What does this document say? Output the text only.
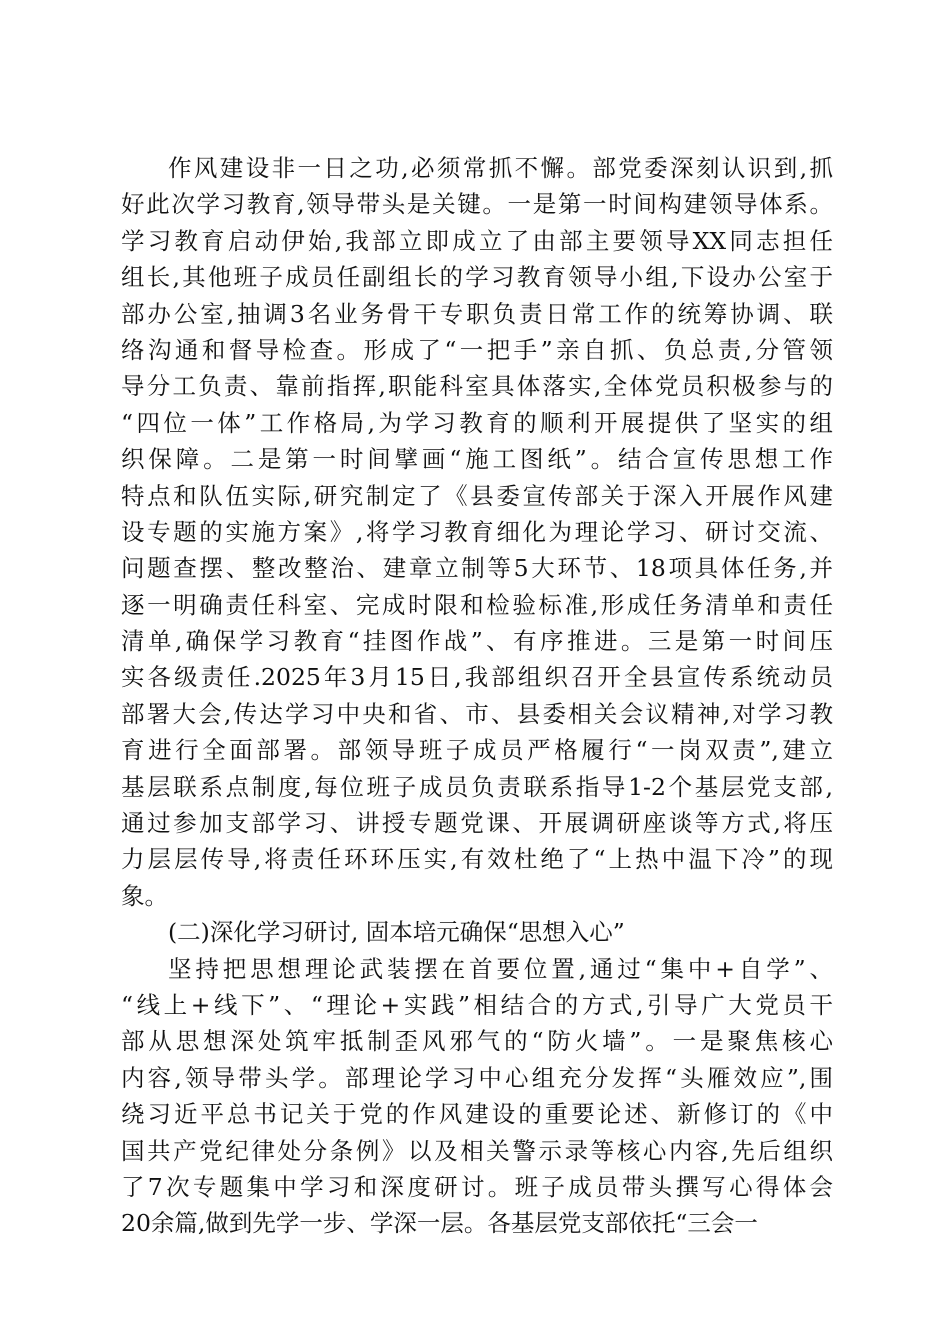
作风建设非一日之功,必须常抓不懈。部党委深刻认识到,抓
好此次学习教育,领导带头是关键。一是第一时间构建领导体系。
学习教育启动伊始,我部立即成立了由部主要领导XX同志担任
组长,其他班子成员任副组长的学习教育领导小组,下设办公室于
部办公室,抽调3名业务骨干专职负责日常工作的统筹协调、联
络沟通和督导检查。形成了“一把手”亲自抓、负总责,分管领
导分工负责、靠前指挥,职能科室具体落实,全体党员积极参与的
“四位一体”工作格局,为学习教育的顺利开展提供了坚实的组
织保障。二是第一时间擘画“施工图纸”。结合宣传思想工作
特点和队伍实际,研究制定了《县委宣传部关于深入开展作风建
设专题的实施方案》,将学习教育细化为理论学习、研讨交流、
问题查摆、整改整治、建章立制等5大环节、18项具体任务,并
逐一明确责任科室、完成时限和检验标准,形成任务清单和责任
清单,确保学习教育“挂图作战”、有序推进。三是第一时间压
实各级责任.2025年3月15日,我部组织召开全县宣传系统动员
部署大会,传达学习中央和省、市、县委相关会议精神,对学习教
育进行全面部署。部领导班子成员严格履行“一岗双责”,建立
基层联系点制度,每位班子成员负责联系指导1-2个基层党支部,
通过参加支部学习、讲授专题党课、开展调研座谈等方式,将压
力层层传导,将责任环环压实,有效杜绝了“上热中温下冷”的现
象。
(二)深化学习研讨, 固本培元确保“思想入心”
坚持把思想理论武装摆在首要位置,通过“集中+自学”、
“线上+线下”、“理论+实践”相结合的方式,引导广大党员干
部从思想深处筑牢抵制歪风邪气的“防火墙”。一是聚焦核心
内容,领导带头学。部理论学习中心组充分发挥“头雁效应”,围
绕习近平总书记关于党的作风建设的重要论述、新修订的《中
国共产党纪律处分条例》以及相关警示录等核心内容,先后组织
了7次专题集中学习和深度研讨。班子成员带头撰写心得体会
20余篇,做到先学一步、学深一层。各基层党支部依托“三会一
